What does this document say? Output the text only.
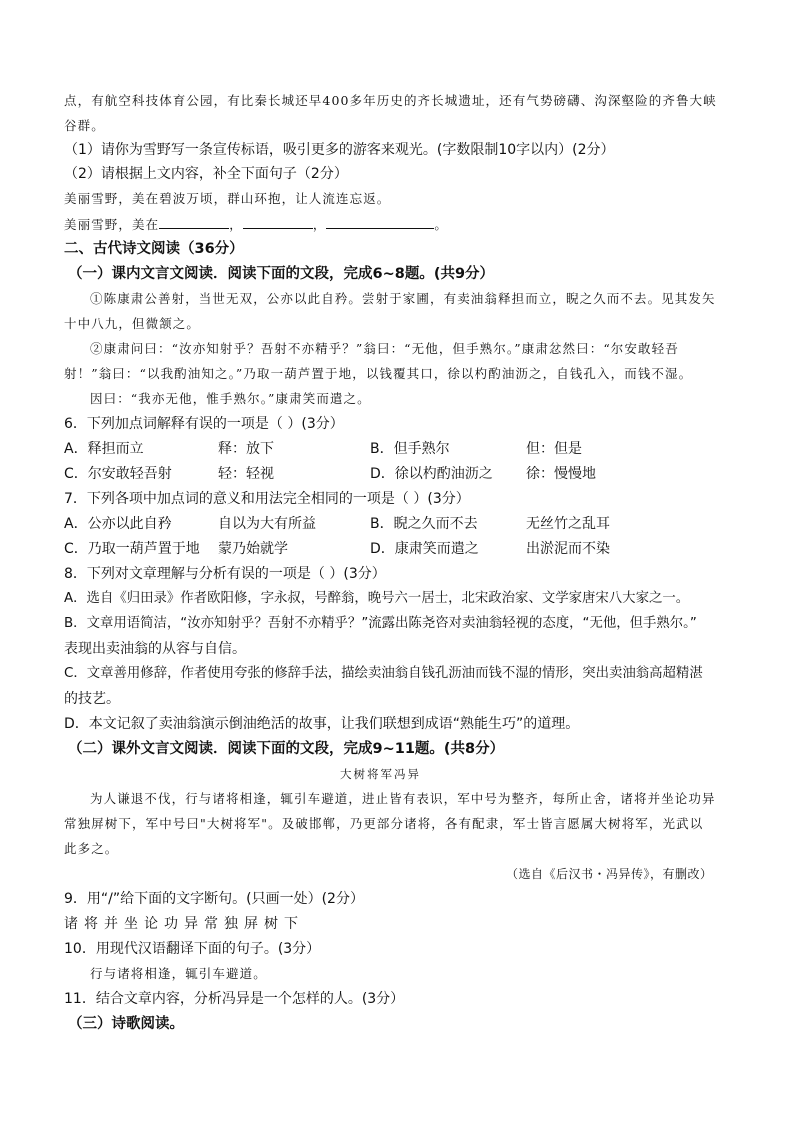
点，有航空科技体育公园，有比秦长城还早400多年历史的齐长城遗址，还有气势磅礴、沟深壑险的齐鲁大峡
谷群。
（1）请你为雪野写一条宣传标语，吸引更多的游客来观光。(字数限制10字以内）(2分）
（2）请根据上文内容，补全下面句子（2分）
美丽雪野，美在碧波万顷，群山环抱，让人流连忘返。
美丽雪野，美在	，	，	。
二、古代诗文阅读（36分）
（一）课内文言文阅读．阅读下面的文段，完成6~8题。(共9分）
①陈康肃公善射，当世无双，公亦以此自矜。尝射于家圃，有卖油翁释担而立，睨之久而不去。见其发矢
十中八九，但微颔之。
②康肃问曰：“汝亦知射乎？吾射不亦精乎？”翁曰：“无他，但手熟尔。”康肃忿然曰：“尔安敢轻吾
射！”翁曰：“以我酌油知之。”乃取一葫芦置于地，以钱覆其口，徐以杓酌油沥之，自钱孔入，而钱不湿。
因曰：“我亦无他，惟手熟尔。”康肃笑而遣之。
6．下列加点词解释有误的一项是（ ）(3分）
A．释担而立	释：放下	B．但手熟尔	但：但是
C．尔安敢轻吾射	轻：轻视	D．徐以杓酌油沥之 徐：慢慢地
7．下列各项中加点词的意义和用法完全相同的一项是（ ）(3分）
A．公亦以此自矜	自以为大有所益	B．睨之久而不去	无丝竹之乱耳
C．乃取一葫芦置于地 蒙乃始就学	D．康肃笑而遣之	出淤泥而不染
8．下列对文章理解与分析有误的一项是（ ）(3分）
A．选自《归田录》作者欧阳修，字永叔，号醉翁，晚号六一居士，北宋政治家、文学家唐宋八大家之一。
B．文章用语简洁，“汝亦知射乎？吾射不亦精乎？”流露出陈尧咨对卖油翁轻视的态度，“无他，但手熟尔。”
表现出卖油翁的从容与自信。
C．文章善用修辞，作者使用夸张的修辞手法，描绘卖油翁自钱孔沥油而钱不湿的情形，突出卖油翁高超精湛
的技艺。
D．本文记叙了卖油翁演示倒油绝活的故事，让我们联想到成语“熟能生巧”的道理。
（二）课外文言文阅读．阅读下面的文段，完成9~11题。(共8分）
大树将军冯异
为人谦退不伐，行与诸将相逢，辄引车避道，进止皆有表识，军中号为整齐，每所止舍，诸将并坐论功异
常独屏树下，军中号曰"大树将军"。及破邯郸，乃更部分诸将，各有配隶，军士皆言愿属大树将军，光武以
此多之。
（选自《后汉书・冯异传》，有删改）
9．用“/”给下面的文字断句。(只画一处）(2分）
诸将并坐论功异常独屏树下
10．用现代汉语翻译下面的句子。(3分）
行与诸将相逢，辄引车避道。
11．结合文章内容，分析冯异是一个怎样的人。(3分）
（三）诗歌阅读。
